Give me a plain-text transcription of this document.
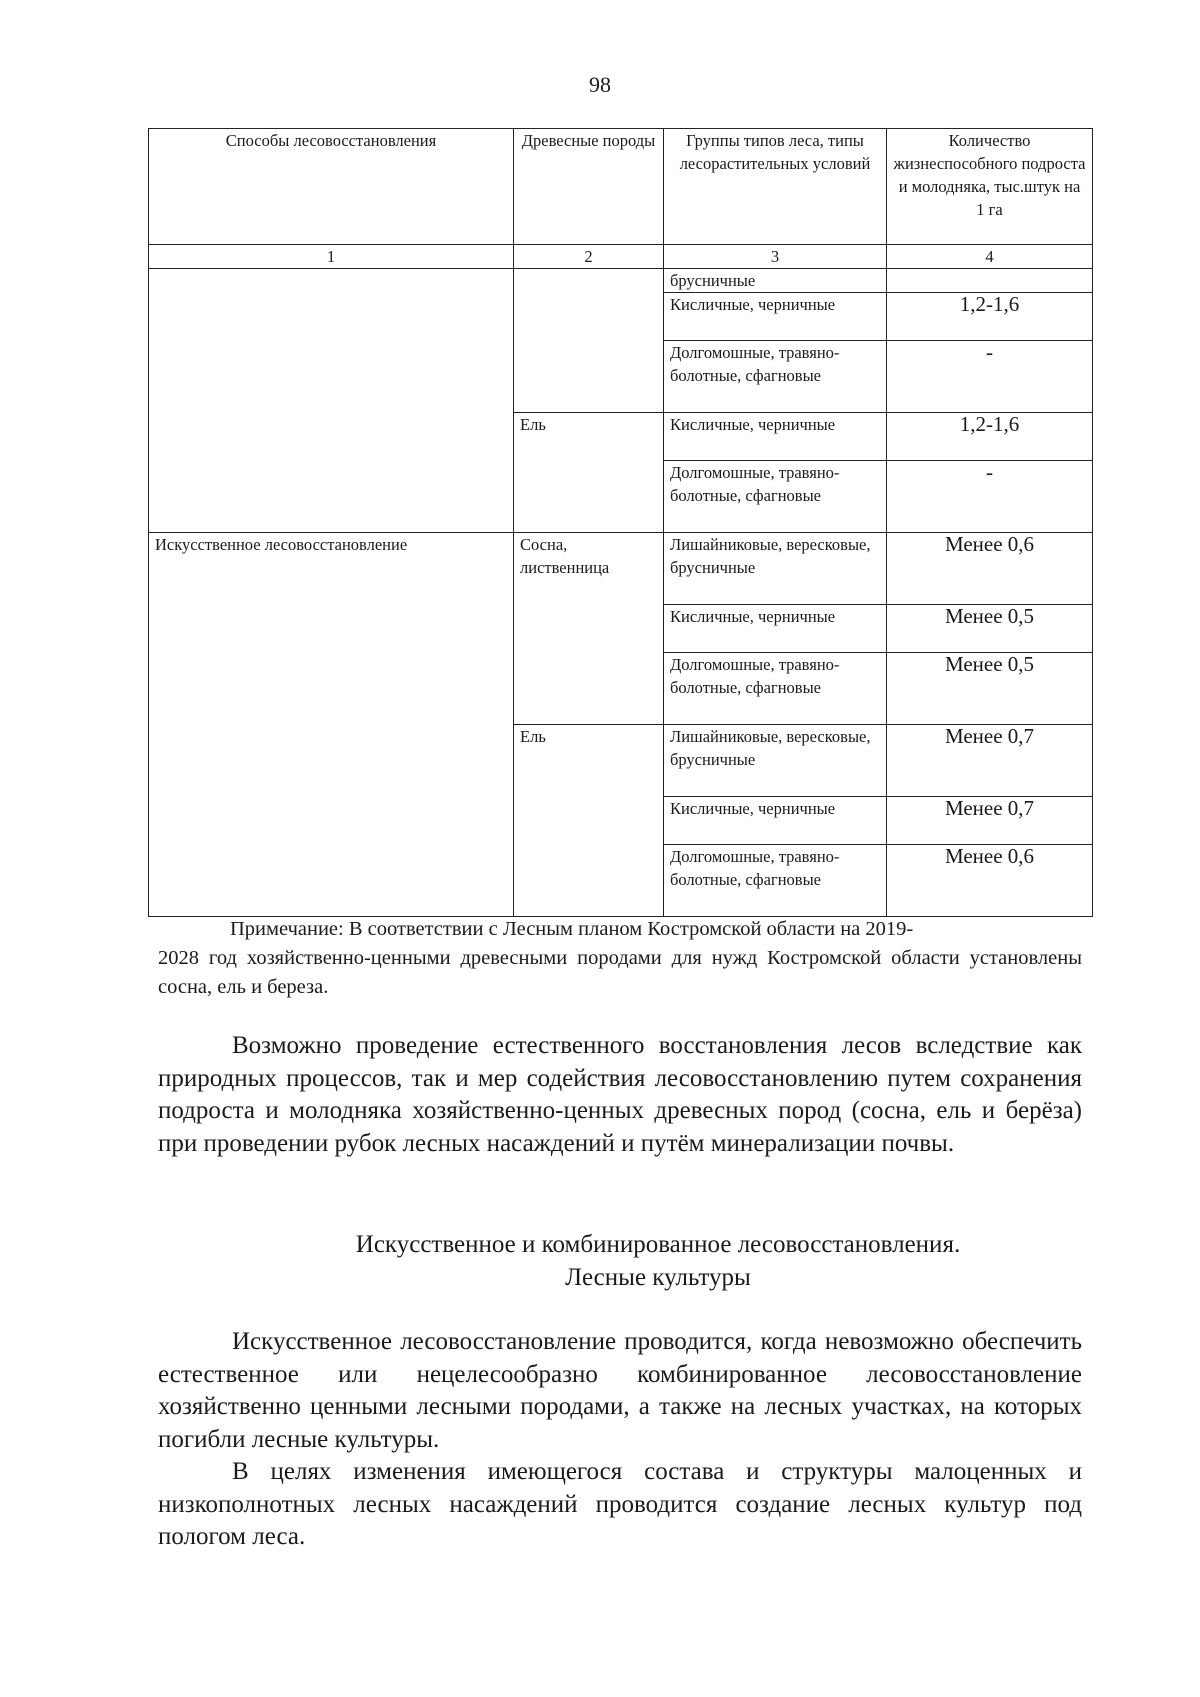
98
Способы лесовосстановления	Древесные породы	Группы типов леса, типы лесорастительных условий	Количество жизнеспособного подроста и молодняка, тыс.штук на 1 га
1	2	3	4
		брусничные	
		Кисличные, черничные	1,2-1,6
		Долгомошные, травяно-болотные, сфагновые	-
	Ель	Кисличные, черничные	1,2-1,6
		Долгомошные, травяно-болотные, сфагновые	-
Искусственное лесовосстановление	Сосна, лиственница	Лишайниковые, вересковые, брусничные	Менее 0,6
		Кисличные, черничные	Менее 0,5
		Долгомошные, травяно-болотные, сфагновые	Менее 0,5
	Ель	Лишайниковые, вересковые, брусничные	Менее 0,7
		Кисличные, черничные	Менее 0,7
		Долгомошные, травяно-болотные, сфагновые	Менее 0,6
Примечание: В соответствии с Лесным планом Костромской области на 2019-
2028 год хозяйственно-ценными древесными породами для нужд Костромской области установлены сосна, ель и береза.

Возможно проведение естественного восстановления лесов вследствие как природных процессов, так и мер содействия лесовосстановлению путем сохранения подроста и молодняка хозяйственно-ценных древесных пород (сосна, ель и берёза) при проведении рубок лесных насаждений и путём минерализации почвы.

Искусственное и комбинированное лесовосстановления.
Лесные культуры

Искусственное лесовосстановление проводится, когда невозможно обеспечить естественное или нецелесообразно комбинированное лесовосстановление хозяйственно ценными лесными породами, а также на лесных участках, на которых погибли лесные культуры.

В целях изменения имеющегося состава и структуры малоценных и низкополнотных лесных насаждений проводится создание лесных культур под пологом леса.
